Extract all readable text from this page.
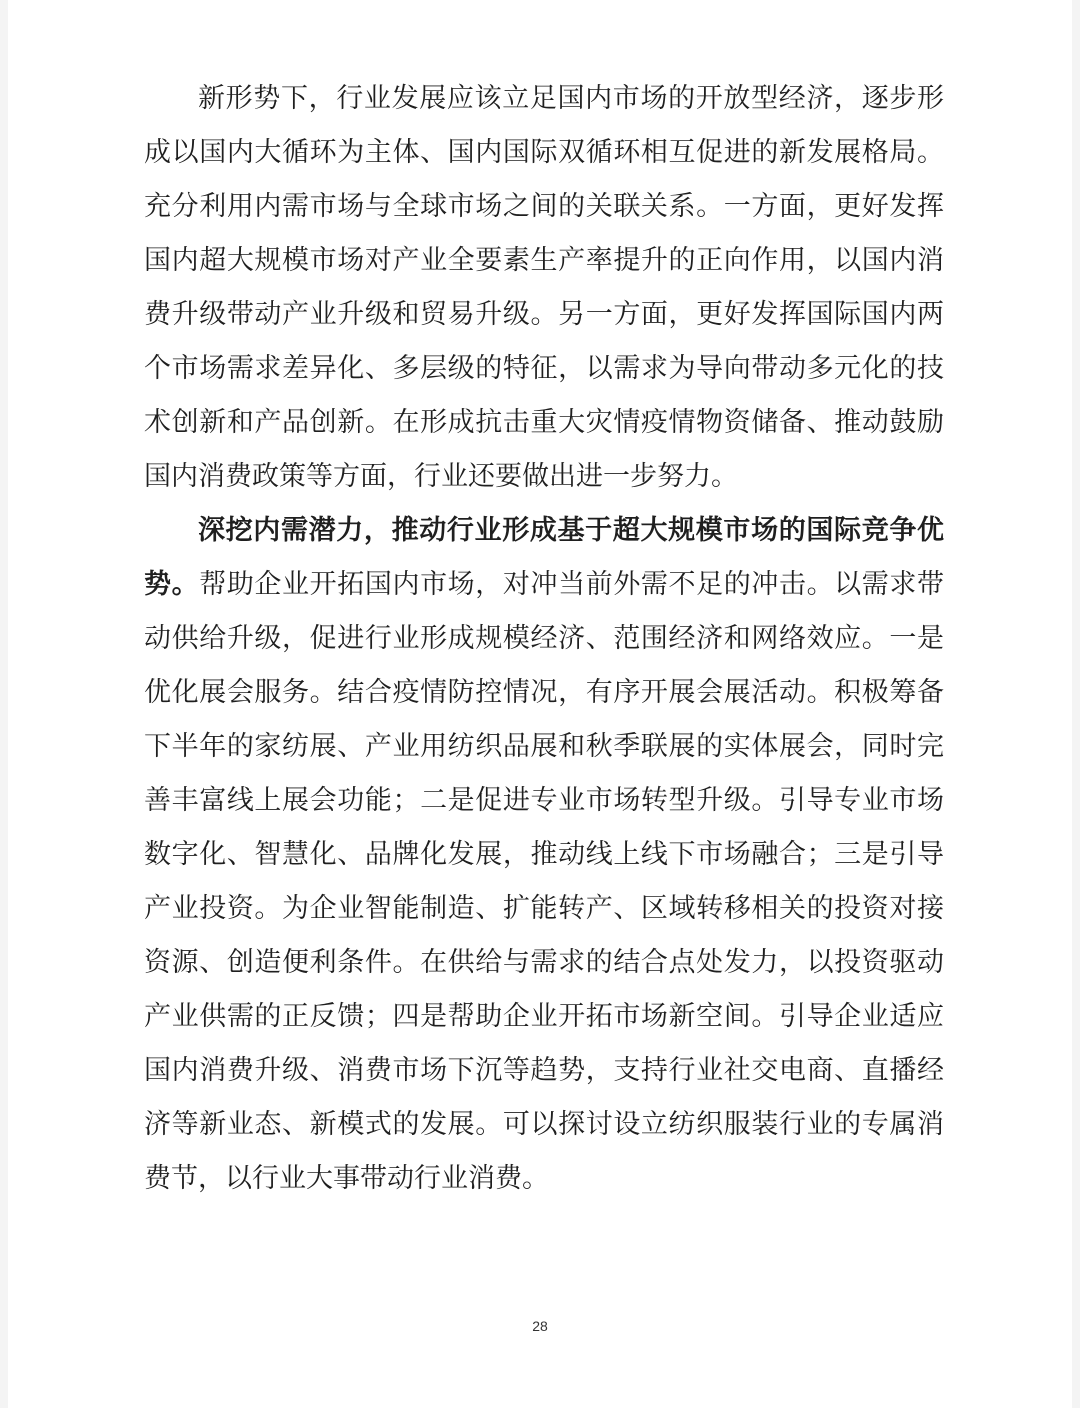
新形势下，行业发展应该立足国内市场的开放型经济，逐步形成以国内大循环为主体、国内国际双循环相互促进的新发展格局。充分利用内需市场与全球市场之间的关联关系。一方面，更好发挥国内超大规模市场对产业全要素生产率提升的正向作用，以国内消费升级带动产业升级和贸易升级。另一方面，更好发挥国际国内两个市场需求差异化、多层级的特征，以需求为导向带动多元化的技术创新和产品创新。在形成抗击重大灾情疫情物资储备、推动鼓励国内消费政策等方面，行业还要做出进一步努力。

深挖内需潜力，推动行业形成基于超大规模市场的国际竞争优势。帮助企业开拓国内市场，对冲当前外需不足的冲击。以需求带动供给升级，促进行业形成规模经济、范围经济和网络效应。一是优化展会服务。结合疫情防控情况，有序开展会展活动。积极筹备下半年的家纺展、产业用纺织品展和秋季联展的实体展会，同时完善丰富线上展会功能；二是促进专业市场转型升级。引导专业市场数字化、智慧化、品牌化发展，推动线上线下市场融合；三是引导产业投资。为企业智能制造、扩能转产、区域转移相关的投资对接资源、创造便利条件。在供给与需求的结合点处发力，以投资驱动产业供需的正反馈；四是帮助企业开拓市场新空间。引导企业适应国内消费升级、消费市场下沉等趋势，支持行业社交电商、直播经济等新业态、新模式的发展。可以探讨设立纺织服装行业的专属消费节，以行业大事带动行业消费。

28
